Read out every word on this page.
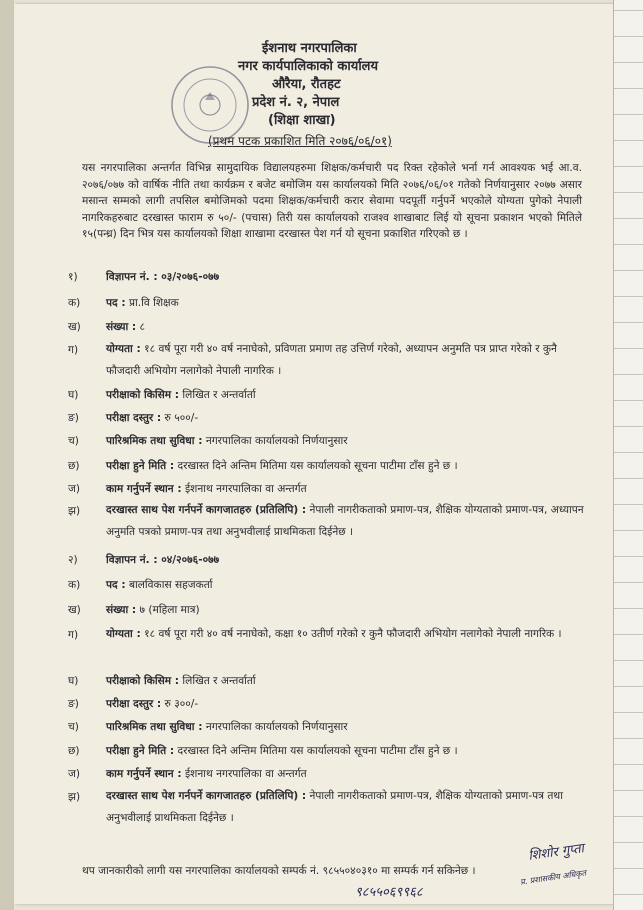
ईशनाथ नगरपालिका
नगर कार्यपालिकाको कार्यालय
औरैया, रौतहट
प्रदेश नं. २, नेपाल
(शिक्षा शाखा)
(प्रथम पटक प्रकाशित मिति २०७६/०६/०१)
यस नगरपालिका अन्तर्गत विभिन्न सामुदायिक विद्यालयहरुमा शिक्षक/कर्मचारी पद रिक्त रहेकोले भर्ना गर्न आवश्यक भई आ.व. २०७६/०७७ को वार्षिक नीति तथा कार्यक्रम र बजेट बमोजिम यस कार्यालयको मिति २०७६/०६/०१ गतेको निर्णयानुसार २०७७ असार मसान्त सम्मको लागी तपसिल बमोजिमको पदमा शिक्षक/कर्मचारी करार सेवामा पदपूर्ती गर्नुपर्ने भएकोले योग्यता पुगेको नेपाली नागरिकहरुबाट दरखास्त फाराम रु ५०/- (पचास) तिरी यस कार्यालयको राजश्व शाखाबाट लिई यो सूचना प्रकाशन भएको मितिले १५(पन्ध्र) दिन भित्र यस कार्यालयको शिक्षा शाखामा दरखास्त पेश गर्न यो सूचना प्रकाशित गरिएको छ ।
१)	विज्ञापन नं. : ०३/२०७६-०७७
क) पद : प्रा.वि शिक्षक
ख) संख्या : ८
ग)	योग्यता : १८ वर्ष पूरा गरी ४० वर्ष ननाघेको, प्रविणता प्रमाण तह उत्तिर्ण गरेको, अध्यापन अनुमति पत्र प्राप्त गरेको र कुनै फौजदारी अभियोग नलागेको नेपाली नागरिक ।
घ)	परीक्षाको किसिम : लिखित र अन्तर्वार्ता
ङ)	परीक्षा दस्तुर : रु ५००/-
च)	पारिश्रमिक तथा सुविधा : नगरपालिका कार्यालयको निर्णयानुसार
छ) परीक्षा हुने मिति : दरखास्त दिने अन्तिम मितिमा यस कार्यालयको सूचना पाटीमा टाँस हुने छ ।
ज) काम गर्नुपर्ने स्थान : ईशनाथ नगरपालिका वा अन्तर्गत
झ) दरखास्त साथ पेश गर्नपर्ने कागजातहरु (प्रतिलिपि) : नेपाली नागरीकताको प्रमाण-पत्र, शैक्षिक योग्यताको प्रमाण-पत्र, अध्यापन अनुमति पत्रको प्रमाण-पत्र तथा अनुभवीलाई प्राथमिकता दिईनेछ ।
२)	विज्ञापन नं. : ०४/२०७६-०७७
क) पद : बालविकास सहजकर्ता
ख) संख्या : ७ (महिला मात्र)
ग)	योग्यता : १८ वर्ष पूरा गरी ४० वर्ष ननाघेको, कक्षा १० उतीर्ण गरेको र कुनै फौजदारी अभियोग नलागेको नेपाली नागरिक ।
घ)	परीक्षाको किसिम : लिखित र अन्तर्वार्ता
ङ)	परीक्षा दस्तुर : रु ३००/-
च)	पारिश्रमिक तथा सुविधा : नगरपालिका कार्यालयको निर्णयानुसार
छ) परीक्षा हुने मिति : दरखास्त दिने अन्तिम मितिमा यस कार्यालयको सूचना पाटीमा टाँस हुने छ ।
ज) काम गर्नुपर्ने स्थान : ईशनाथ नगरपालिका वा अन्तर्गत
झ) दरखास्त साथ पेश गर्नपर्ने कागजातहरु (प्रतिलिपि) : नेपाली नागरीकताको प्रमाण-पत्र, शैक्षिक योग्यताको प्रमाण-पत्र तथा अनुभवीलाई प्राथमिकता दिईनेछ ।
थप जानकारीको लागी यस नगरपालिका कार्यालयको सम्पर्क नं. ९८५५०४०३१० मा सम्पर्क गर्न सकिनेछ ।
९८५५०६९९६८
शिशोर गुप्ता
प्र. प्रशासकीय अधिकृत
